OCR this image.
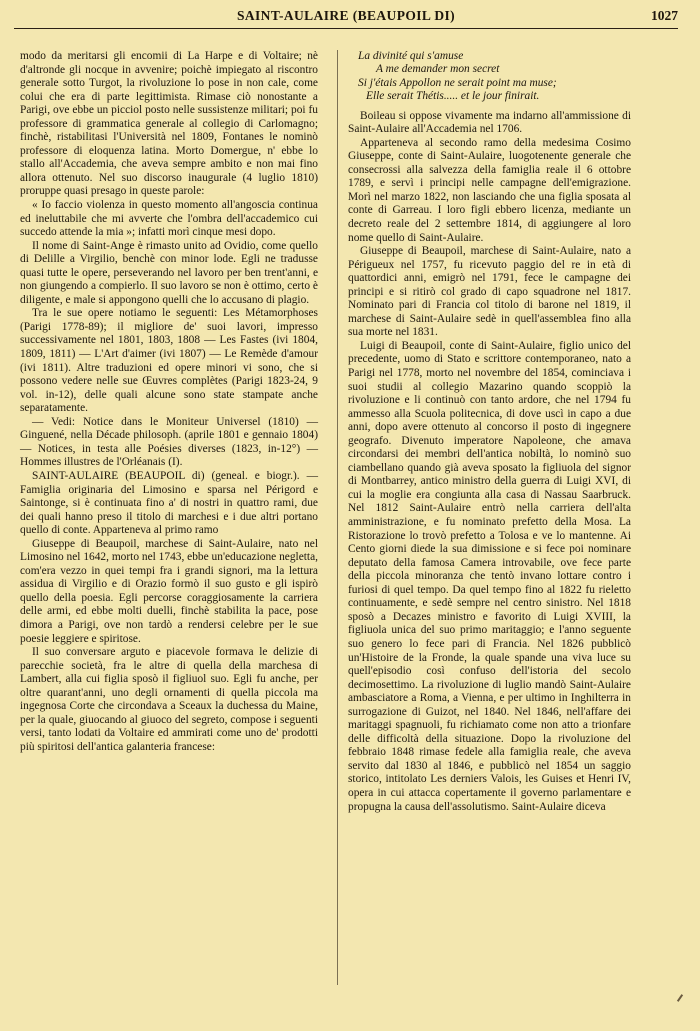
SAINT-AULAIRE (BEAUPOIL DI)	1027

modo da meritarsi gli encomii di La Harpe e di Voltaire; nè d'altronde gli nocque in avvenire; poichè impiegato al riscontro generale sotto Turgot, la rivoluzione lo pose in non cale, come colui che era di parte legittimista. Rimase ciò nonostante a Parigi, ove ebbe un picciol posto nelle sussistenze militari; poi fu professore di grammatica generale al collegio di Carlomagno; finchè, ristabilitasi l'Università nel 1809, Fontanes le nominò professore di eloquenza latina. Morto Domergue, n' ebbe lo stallo all'Accademia, che aveva sempre ambito e non mai fino allora ottenuto. Nel suo discorso inaugurale (4 luglio 1810) proruppe quasi presago in queste parole:

« Io faccio violenza in questo momento all'angoscia continua ed ineluttabile che mi avverte che l'ombra dell'accademico cui succedo attende la mia »; infatti morì cinque mesi dopo.

Il nome di Saint-Ange è rimasto unito ad Ovidio, come quello di Delille a Virgilio, benchè con minor lode. Egli ne tradusse quasi tutte le opere, perseverando nel lavoro per ben trent'anni, e non giungendo a compierlo. Il suo lavoro se non è ottimo, certo è diligente, e male si appongono quelli che lo accusano di plagio.

Tra le sue opere notiamo le seguenti: Les Métamorphoses (Parigi 1778-89); il migliore de' suoi lavori, impresso successivamente nel 1801, 1803, 1808 — Les Fastes (ivi 1804, 1809, 1811) — L'Art d'aimer (ivi 1807) — Le Remède d'amour (ivi 1811). Altre traduzioni ed opere minori vi sono, che si possono vedere nelle sue Œuvres complètes (Parigi 1823-24, 9 vol. in-12), delle quali alcune sono state stampate anche separatamente.

— Vedi: Notice dans le Moniteur Universel (1810) — Ginguené, nella Décade philosoph. (aprile 1801 e gennaio 1804) — Notices, in testa alle Poésies diverses (1823, in-12°) — Hommes illustres de l'Orléanais (I).

SAINT-AULAIRE (BEAUPOIL di) (geneal. e biogr.). — Famiglia originaria del Limosino e sparsa nel Périgord e Saintonge, si è continuata fino a' di nostri in quattro rami, due dei quali hanno preso il titolo di marchesi e i due altri portano quello di conte. Apparteneva al primo ramo

Giuseppe di Beaupoil, marchese di Saint-Aulaire, nato nel Limosino nel 1642, morto nel 1743, ebbe un'educazione negletta, com'era vezzo in quei tempi fra i grandi signori, ma la lettura assidua di Virgilio e di Orazio formò il suo gusto e gli ispirò quello della poesia. Egli percorse coraggiosamente la carriera delle armi, ed ebbe molti duelli, finchè stabilita la pace, pose dimora a Parigi, ove non tardò a rendersi celebre per le sue poesie leggiere e spiritose.

Il suo conversare arguto e piacevole formava le delizie di parecchie società, fra le altre di quella della marchesa di Lambert, alla cui figlia sposò il figliuol suo. Egli fu anche, per oltre quarant'anni, uno degli ornamenti di quella piccola ma ingegnosa Corte che circondava a Sceaux la duchessa du Maine, per la quale, giuocando al giuoco del segreto, compose i seguenti versi, tanto lodati da Voltaire ed ammirati come uno de' prodotti più spiritosi dell'antica galanteria francese:

La divinité qui s'amuse
A me demander mon secret
Si j'étais Appollon ne serait point ma muse;
Elle serait Thétis..... et le jour finirait.

Boileau si oppose vivamente ma indarno all'ammissione di Saint-Aulaire all'Accademia nel 1706.

Apparteneva al secondo ramo della medesima Cosimo Giuseppe, conte di Saint-Aulaire, luogotenente generale che consecrossi alla salvezza della famiglia reale il 6 ottobre 1789, e servì i principi nelle campagne dell'emigrazione. Morì nel marzo 1822, non lasciando che una figlia sposata al conte di Garreau. I loro figli ebbero licenza, mediante un decreto reale del 2 settembre 1814, di aggiungere al loro nome quello di Saint-Aulaire.

Giuseppe di Beaupoil, marchese di Saint-Aulaire, nato a Périgueux nel 1757, fu ricevuto paggio del re in età di quattordici anni, emigrò nel 1791, fece le campagne dei principi e si ritirò col grado di capo squadrone nel 1817. Nominato pari di Francia col titolo di barone nel 1819, il marchese di Saint-Aulaire sedè in quell'assemblea fino alla sua morte nel 1831.

Luigi di Beaupoil, conte di Saint-Aulaire, figlio unico del precedente, uomo di Stato e scrittore contemporaneo, nato a Parigi nel 1778, morto nel novembre del 1854, cominciava i suoi studii al collegio Mazarino quando scoppiò la rivoluzione e li continuò con tanto ardore, che nel 1794 fu ammesso alla Scuola politecnica, di dove uscì in capo a due anni, dopo avere ottenuto al concorso il posto di ingegnere geografo. Divenuto imperatore Napoleone, che amava circondarsi dei membri dell'antica nobiltà, lo nominò suo ciambellano quando già aveva sposato la figliuola del signor di Montbarrey, antico ministro della guerra di Luigi XVI, di cui la moglie era congiunta alla casa di Nassau Saarbruck. Nel 1812 Saint-Aulaire entrò nella carriera dell'alta amministrazione, e fu nominato prefetto della Mosa. La Ristorazione lo trovò prefetto a Tolosa e ve lo mantenne. Ai Cento giorni diede la sua dimissione e si fece poi nominare deputato della famosa Camera introvabile, ove fece parte della piccola minoranza che tentò invano lottare contro i furiosi di quel tempo. Da quel tempo fino al 1822 fu rieletto continuamente, e sedè sempre nel centro sinistro. Nel 1818 sposò a Decazes ministro e favorito di Luigi XVIII, la figliuola unica del suo primo maritaggio; e l'anno seguente suo genero lo fece pari di Francia. Nel 1826 pubblicò un'Histoire de la Fronde, la quale spande una viva luce su quell'episodio così confuso dell'istoria del secolo decimosettimo. La rivoluzione di luglio mandò Saint-Aulaire ambasciatore a Roma, a Vienna, e per ultimo in Inghilterra in surrogazione di Guizot, nel 1840. Nel 1846, nell'affare dei maritaggi spagnuoli, fu richiamato come non atto a trionfare delle difficoltà della situazione. Dopo la rivoluzione del febbraio 1848 rimase fedele alla famiglia reale, che aveva servito dal 1830 al 1846, e pubblicò nel 1854 un saggio storico, intitolato Les derniers Valois, les Guises et Henri IV, opera in cui attacca copertamente il governo parlamentare e propugna la causa dell'assolutismo. Saint-Aulaire diceva
